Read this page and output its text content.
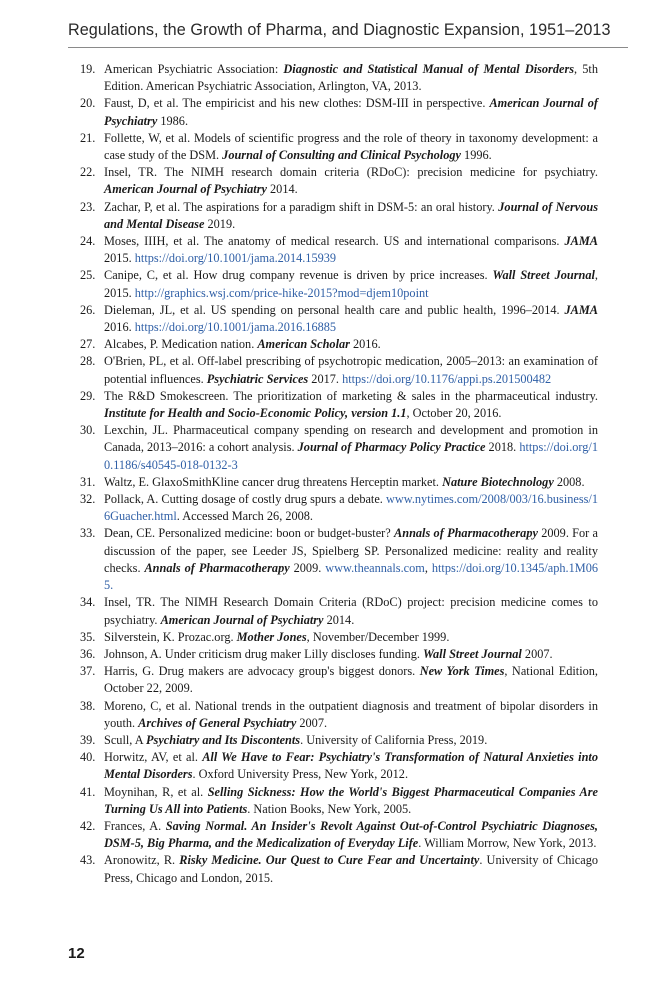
Regulations, the Growth of Pharma, and Diagnostic Expansion, 1951–2013
19. American Psychiatric Association: Diagnostic and Statistical Manual of Mental Disorders, 5th Edition. American Psychiatric Association, Arlington, VA, 2013.
20. Faust, D, et al. The empiricist and his new clothes: DSM-III in perspective. American Journal of Psychiatry 1986.
21. Follette, W, et al. Models of scientific progress and the role of theory in taxonomy development: a case study of the DSM. Journal of Consulting and Clinical Psychology 1996.
22. Insel, TR. The NIMH research domain criteria (RDoC): precision medicine for psychiatry. American Journal of Psychiatry 2014.
23. Zachar, P, et al. The aspirations for a paradigm shift in DSM-5: an oral history. Journal of Nervous and Mental Disease 2019.
24. Moses, IIIH, et al. The anatomy of medical research. US and international comparisons. JAMA 2015. https://doi.org/10.1001/jama.2014.15939
25. Canipe, C, et al. How drug company revenue is driven by price increases. Wall Street Journal, 2015. http://graphics.wsj.com/price-hike-2015?mod=djem10point
26. Dieleman, JL, et al. US spending on personal health care and public health, 1996–2014. JAMA 2016. https://doi.org/10.1001/jama.2016.16885
27. Alcabes, P. Medication nation. American Scholar 2016.
28. O'Brien, PL, et al. Off-label prescribing of psychotropic medication, 2005–2013: an examination of potential influences. Psychiatric Services 2017. https://doi.org/10.1176/appi.ps.201500482
29. The R&D Smokescreen. The prioritization of marketing & sales in the pharmaceutical industry. Institute for Health and Socio-Economic Policy, version 1.1, October 20, 2016.
30. Lexchin, JL. Pharmaceutical company spending on research and development and promotion in Canada, 2013–2016: a cohort analysis. Journal of Pharmacy Policy Practice 2018. https://doi.org/10.1186/s40545-018-0132-3
31. Waltz, E. GlaxoSmithKline cancer drug threatens Herceptin market. Nature Biotechnology 2008.
32. Pollack, A. Cutting dosage of costly drug spurs a debate. www.nytimes.com/2008/003/16.business/16Guacher.html. Accessed March 26, 2008.
33. Dean, CE. Personalized medicine: boon or budget-buster? Annals of Pharmacotherapy 2009. For a discussion of the paper, see Leeder JS, Spielberg SP. Personalized medicine: reality and reality checks. Annals of Pharmacotherapy 2009. www.theannals.com, https://doi.org/10.1345/aph.1M065.
34. Insel, TR. The NIMH Research Domain Criteria (RDoC) project: precision medicine comes to psychiatry. American Journal of Psychiatry 2014.
35. Silverstein, K. Prozac.org. Mother Jones, November/December 1999.
36. Johnson, A. Under criticism drug maker Lilly discloses funding. Wall Street Journal 2007.
37. Harris, G. Drug makers are advocacy group's biggest donors. New York Times, National Edition, October 22, 2009.
38. Moreno, C, et al. National trends in the outpatient diagnosis and treatment of bipolar disorders in youth. Archives of General Psychiatry 2007.
39. Scull, A Psychiatry and Its Discontents. University of California Press, 2019.
40. Horwitz, AV, et al. All We Have to Fear: Psychiatry's Transformation of Natural Anxieties into Mental Disorders. Oxford University Press, New York, 2012.
41. Moynihan, R, et al. Selling Sickness: How the World's Biggest Pharmaceutical Companies Are Turning Us All into Patients. Nation Books, New York, 2005.
42. Frances, A. Saving Normal. An Insider's Revolt Against Out-of-Control Psychiatric Diagnoses, DSM-5, Big Pharma, and the Medicalization of Everyday Life. William Morrow, New York, 2013.
43. Aronowitz, R. Risky Medicine. Our Quest to Cure Fear and Uncertainty. University of Chicago Press, Chicago and London, 2015.
12
